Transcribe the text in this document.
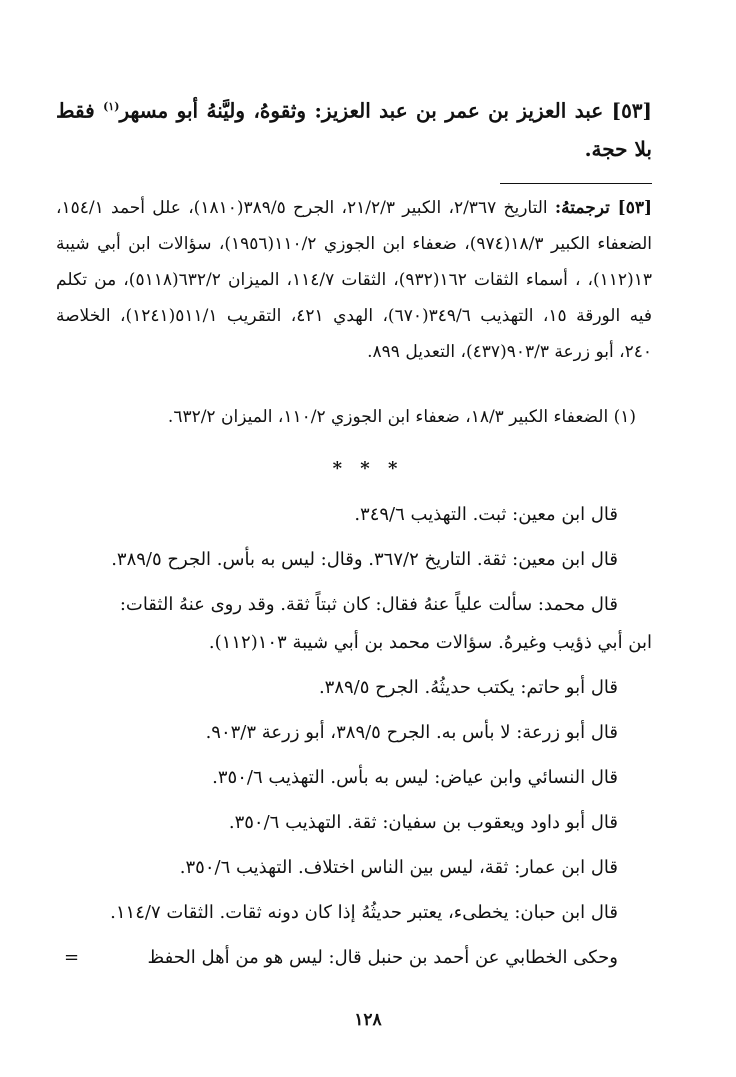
[٥٣] عبد العزيز بن عمر بن عبد العزيز: وثقوهُ، وليَّنهُ أبو مسهر$^{(١)}$ فقط بلا حجة.
[٥٣] ترجمتهُ: التاريخ ٢/٣٦٧، الكبير ٢١/٢/٣، الجرح ٣٨٩/٥(١٨١٠)، علل أحمد ١٥٤/١، الضعفاء الكبير ١٨/٣(٩٧٤)، ضعفاء ابن الجوزي ١١٠/٢(١٩٥٦)، سؤالات ابن أبي شيبة ١٣(١١٢)، ، أسماء الثقات ١٦٢(٩٣٢)، الثقات ١١٤/٧، الميزان ٦٣٢/٢(٥١١٨)، من تكلم فيه الورقة ١٥، التهذيب ٣٤٩/٦(٦٧٠)، الهدي ٤٢١، التقريب ٥١١/١(١٢٤١)، الخلاصة ٢٤٠، أبو زرعة ٩٠٣/٣(٤٣٧)، التعديل ٨٩٩.
(١) الضعفاء الكبير ١٨/٣، ضعفاء ابن الجوزي ١١٠/٢، الميزان ٦٣٢/٢.
* * *

قال ابن معين: ثبت. التهذيب ٣٤٩/٦.

قال ابن معين: ثقة. التاريخ ٣٦٧/٢. وقال: ليس به بأس. الجرح ٣٨٩/٥.

قال محمد: سألت علياً عنهُ فقال: كان ثبتاً ثقة. وقد روى عنهُ الثقات:

ابن أبي ذؤيب وغيرهُ. سؤالات محمد بن أبي شيبة ١٠٣(١١٢).

قال أبو حاتم: يكتب حديثُهُ. الجرح ٣٨٩/٥.

قال أبو زرعة: لا بأس به. الجرح ٣٨٩/٥، أبو زرعة ٩٠٣/٣.

قال النسائي وابن عياض: ليس به بأس. التهذيب ٣٥٠/٦.

قال أبو داود ويعقوب بن سفيان: ثقة. التهذيب ٣٥٠/٦.

قال ابن عمار: ثقة، ليس بين الناس اختلاف. التهذيب ٣٥٠/٦.

قال ابن حبان: يخطىء، يعتبر حديثُهُ إذا كان دونه ثقات. الثقات ١١٤/٧.

وحكى الخطابي عن أحمد بن حنبل قال: ليس هو من أهل الحفظ
=

١٢٨
